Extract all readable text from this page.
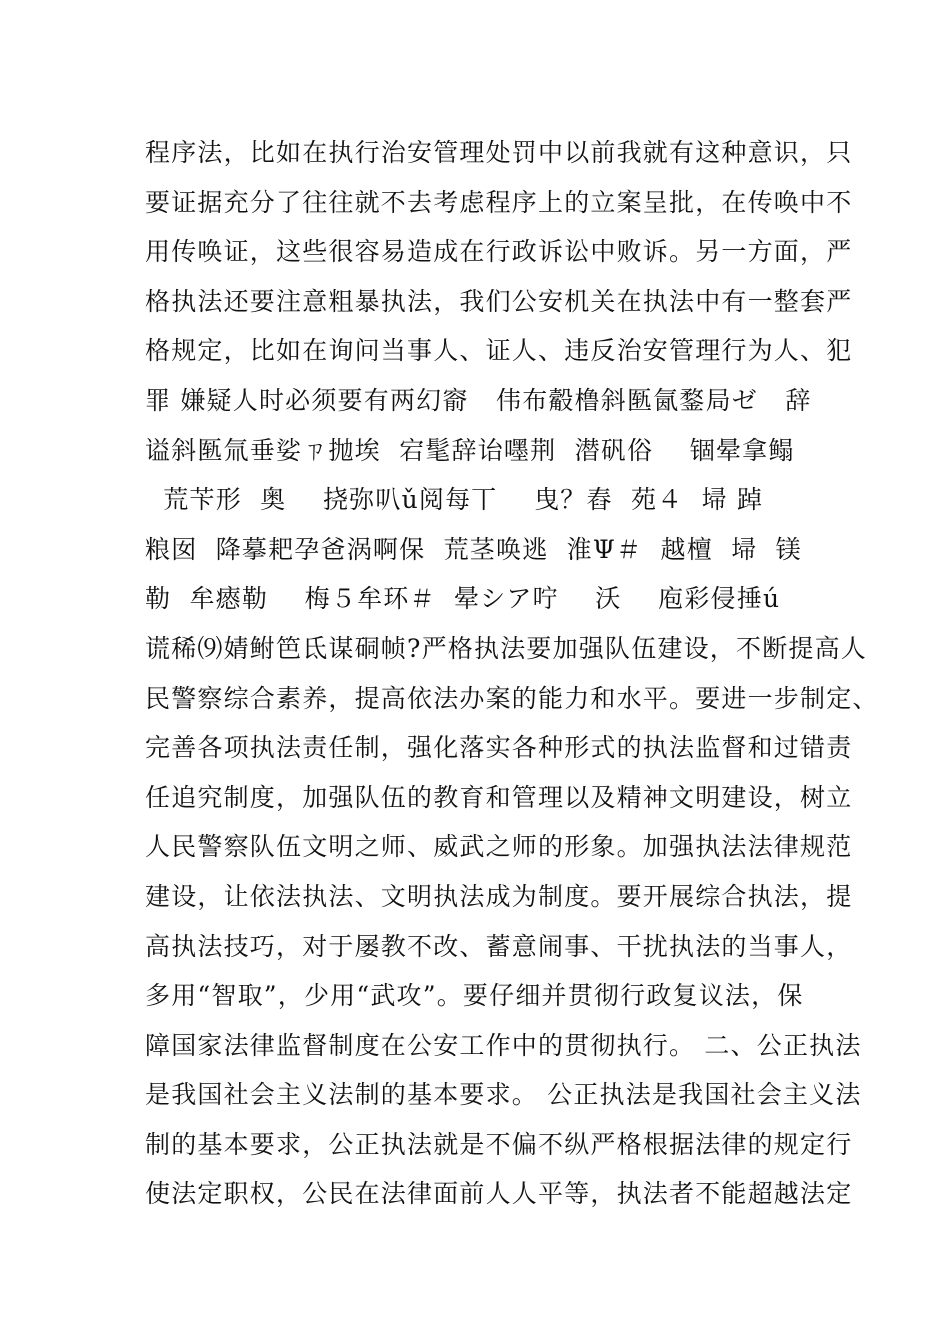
程序法，比如在执行治安管理处罚中以前我就有这种意识，只
要证据充分了往往就不去考虑程序上的立案呈批，在传唤中不
用传唤证，这些很容易造成在行政诉讼中败诉。另一方面，严
格执法还要注意粗暴执法，我们公安机关在执法中有一整套严
格规定，比如在询问当事人、证人、违反治安管理行为人、犯
罪 嫌疑人时必须要有两幻窬   伟布觳橹斜匦氤鍪局ゼ   辞
谥斜匦氚垂娑ㄗ抛埃  宕髦辞诒嚜荆  潜矾俗    锢晕拿鳎
荒苄形  奥    挠弥叭ǔ阅每丅    曳？舂  苑４  埽 踔
粮囡  降摹耙孕爸涡啊保  荒茎唤逃  淮Ψ＃  越檀  埽  镁
勒  牟瘱勒    梅５牟环＃  晕シア咛    沃    庖彩侵捶ú
谎稀⑼婧鲋笆氐谋硐帧?严格执法要加强队伍建设，不断提高人
民警察综合素养，提高依法办案的能力和水平。要进一步制定、
完善各项执法责任制，强化落实各种形式的执法监督和过错责
任追究制度，加强队伍的教育和管理以及精神文明建设，树立
人民警察队伍文明之师、威武之师的形象。加强执法法律规范
建设，让依法执法、文明执法成为制度。要开展综合执法，提
高执法技巧，对于屡教不改、蓄意闹事、干扰执法的当事人，
多用“智取”，少用“武攻”。要仔细并贯彻行政复议法，保
障国家法律监督制度在公安工作中的贯彻执行。 二、公正执法
是我国社会主义法制的基本要求。 公正执法是我国社会主义法
制的基本要求，公正执法就是不偏不纵严格根据法律的规定行
使法定职权，公民在法律面前人人平等，执法者不能超越法定
